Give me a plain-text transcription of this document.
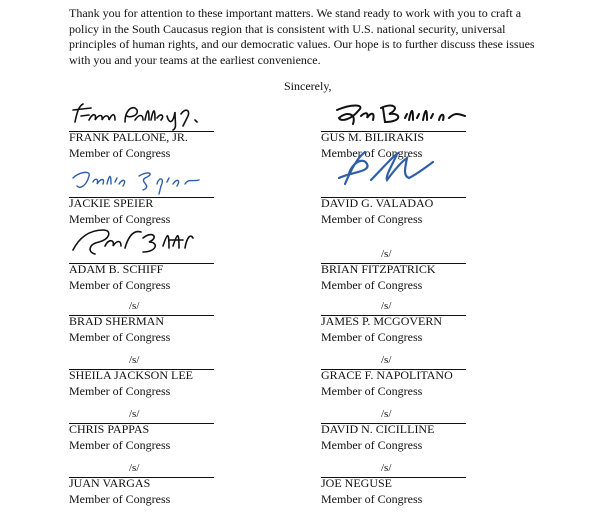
Thank you for attention to these important matters. We stand ready to work with you to craft a policy in the South Caucasus region that is consistent with U.S. national security, universal principles of human rights, and our democratic values. Our hope is to further discuss these issues with you and your teams at the earliest convenience.

Sincerely,
FRANK PALLONE, JR.
Member of Congress
GUS M. BILIRAKIS
Member of Congress
JACKIE SPEIER
Member of Congress
DAVID G. VALADAO
Member of Congress
ADAM B. SCHIFF
Member of Congress
/s/
BRIAN FITZPATRICK
Member of Congress
/s/
BRAD SHERMAN
Member of Congress
/s/
JAMES P. MCGOVERN
Member of Congress
/s/
SHEILA JACKSON LEE
Member of Congress
/s/
GRACE F. NAPOLITANO
Member of Congress
/s/
CHRIS PAPPAS
Member of Congress
/s/
DAVID N. CICILLINE
Member of Congress
/s/
JUAN VARGAS
Member of Congress
/s/
JOE NEGUSE
Member of Congress
